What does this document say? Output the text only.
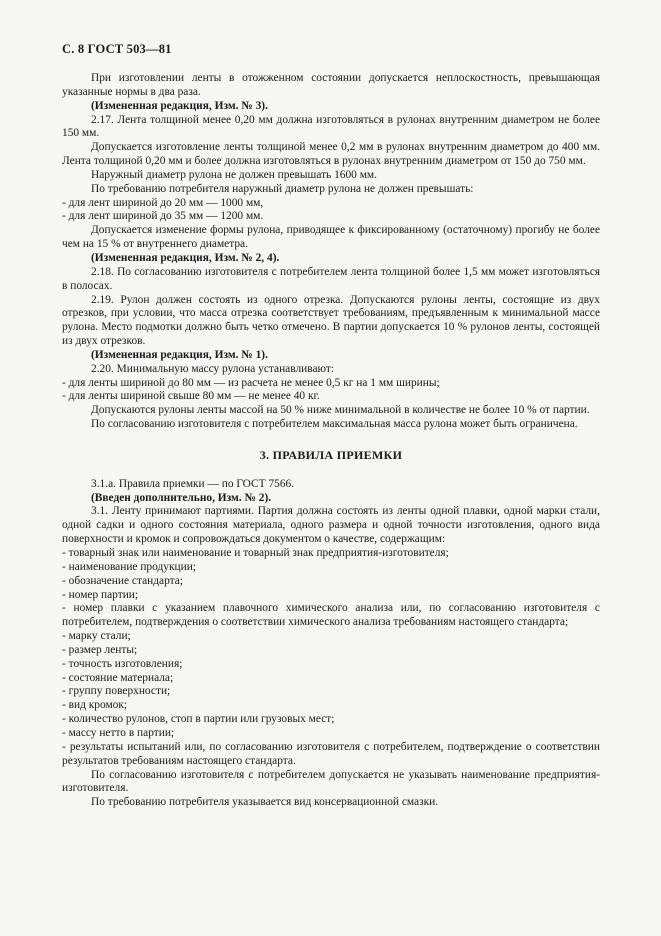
С. 8 ГОСТ 503—81

При изготовлении ленты в отожженном состоянии допускается неплоскостность, превышающая указанные нормы в два раза.

(Измененная редакция, Изм. № 3).

2.17. Лента толщиной менее 0,20 мм должна изготовляться в рулонах внутренним диаметром не более 150 мм.

Допускается изготовление ленты толщиной менее 0,2 мм в рулонах внутренним диаметром до 400 мм. Лента толщиной 0,20 мм и более должна изготовляться в рулонах внутренним диаметром от 150 до 750 мм.

Наружный диаметр рулона не должен превышать 1600 мм.

По требованию потребителя наружный диаметр рулона не должен превышать:

- для лент шириной до 20 мм — 1000 мм,

- для лент шириной до 35 мм — 1200 мм.

Допускается изменение формы рулона, приводящее к фиксированному (остаточному) прогибу не более чем на 15 % от внутреннего диаметра.

(Измененная редакция, Изм. № 2, 4).

2.18. По согласованию изготовителя с потребителем лента толщиной более 1,5 мм может изготовляться в полосах.

2.19. Рулон должен состоять из одного отрезка. Допускаются рулоны ленты, состоящие из двух отрезков, при условии, что масса отрезка соответствует требованиям, предъявленным к минимальной массе рулона. Место подмотки должно быть четко отмечено. В партии допускается 10 % рулонов ленты, состоящей из двух отрезков.

(Измененная редакция, Изм. № 1).

2.20. Минимальную массу рулона устанавливают:

- для ленты шириной до 80 мм — из расчета не менее 0,5 кг на 1 мм ширины;

- для ленты шириной свыше 80 мм — не менее 40 кг.

Допускаются рулоны ленты массой на 50 % ниже минимальной в количестве не более 10 % от партии.

По согласованию изготовителя с потребителем максимальная масса рулона может быть ограничена.

3. ПРАВИЛА ПРИЕМКИ

3.1.а. Правила приемки — по ГОСТ 7566.

(Введен дополнительно, Изм. № 2).

3.1. Ленту принимают партиями. Партия должна состоять из ленты одной плавки, одной марки стали, одной садки и одного состояния материала, одного размера и одной точности изготовления, одного вида поверхности и кромок и сопровождаться документом о качестве, содержащим:

- товарный знак или наименование и товарный знак предприятия-изготовителя;

- наименование продукции;

- обозначение стандарта;

- номер партии;

- номер плавки с указанием плавочного химического анализа или, по согласованию изготовителя с потребителем, подтверждения о соответствии химического анализа требованиям настоящего стандарта;

- марку стали;

- размер ленты;

- точность изготовления;

- состояние материала;

- группу поверхности;

- вид кромок;

- количество рулонов, стоп в партии или грузовых мест;

- массу нетто в партии;

- результаты испытаний или, по согласованию изготовителя с потребителем, подтверждение о соответствии результатов требованиям настоящего стандарта.

По согласованию изготовителя с потребителем допускается не указывать наименование предприятия-изготовителя.

По требованию потребителя указывается вид консервационной смазки.
